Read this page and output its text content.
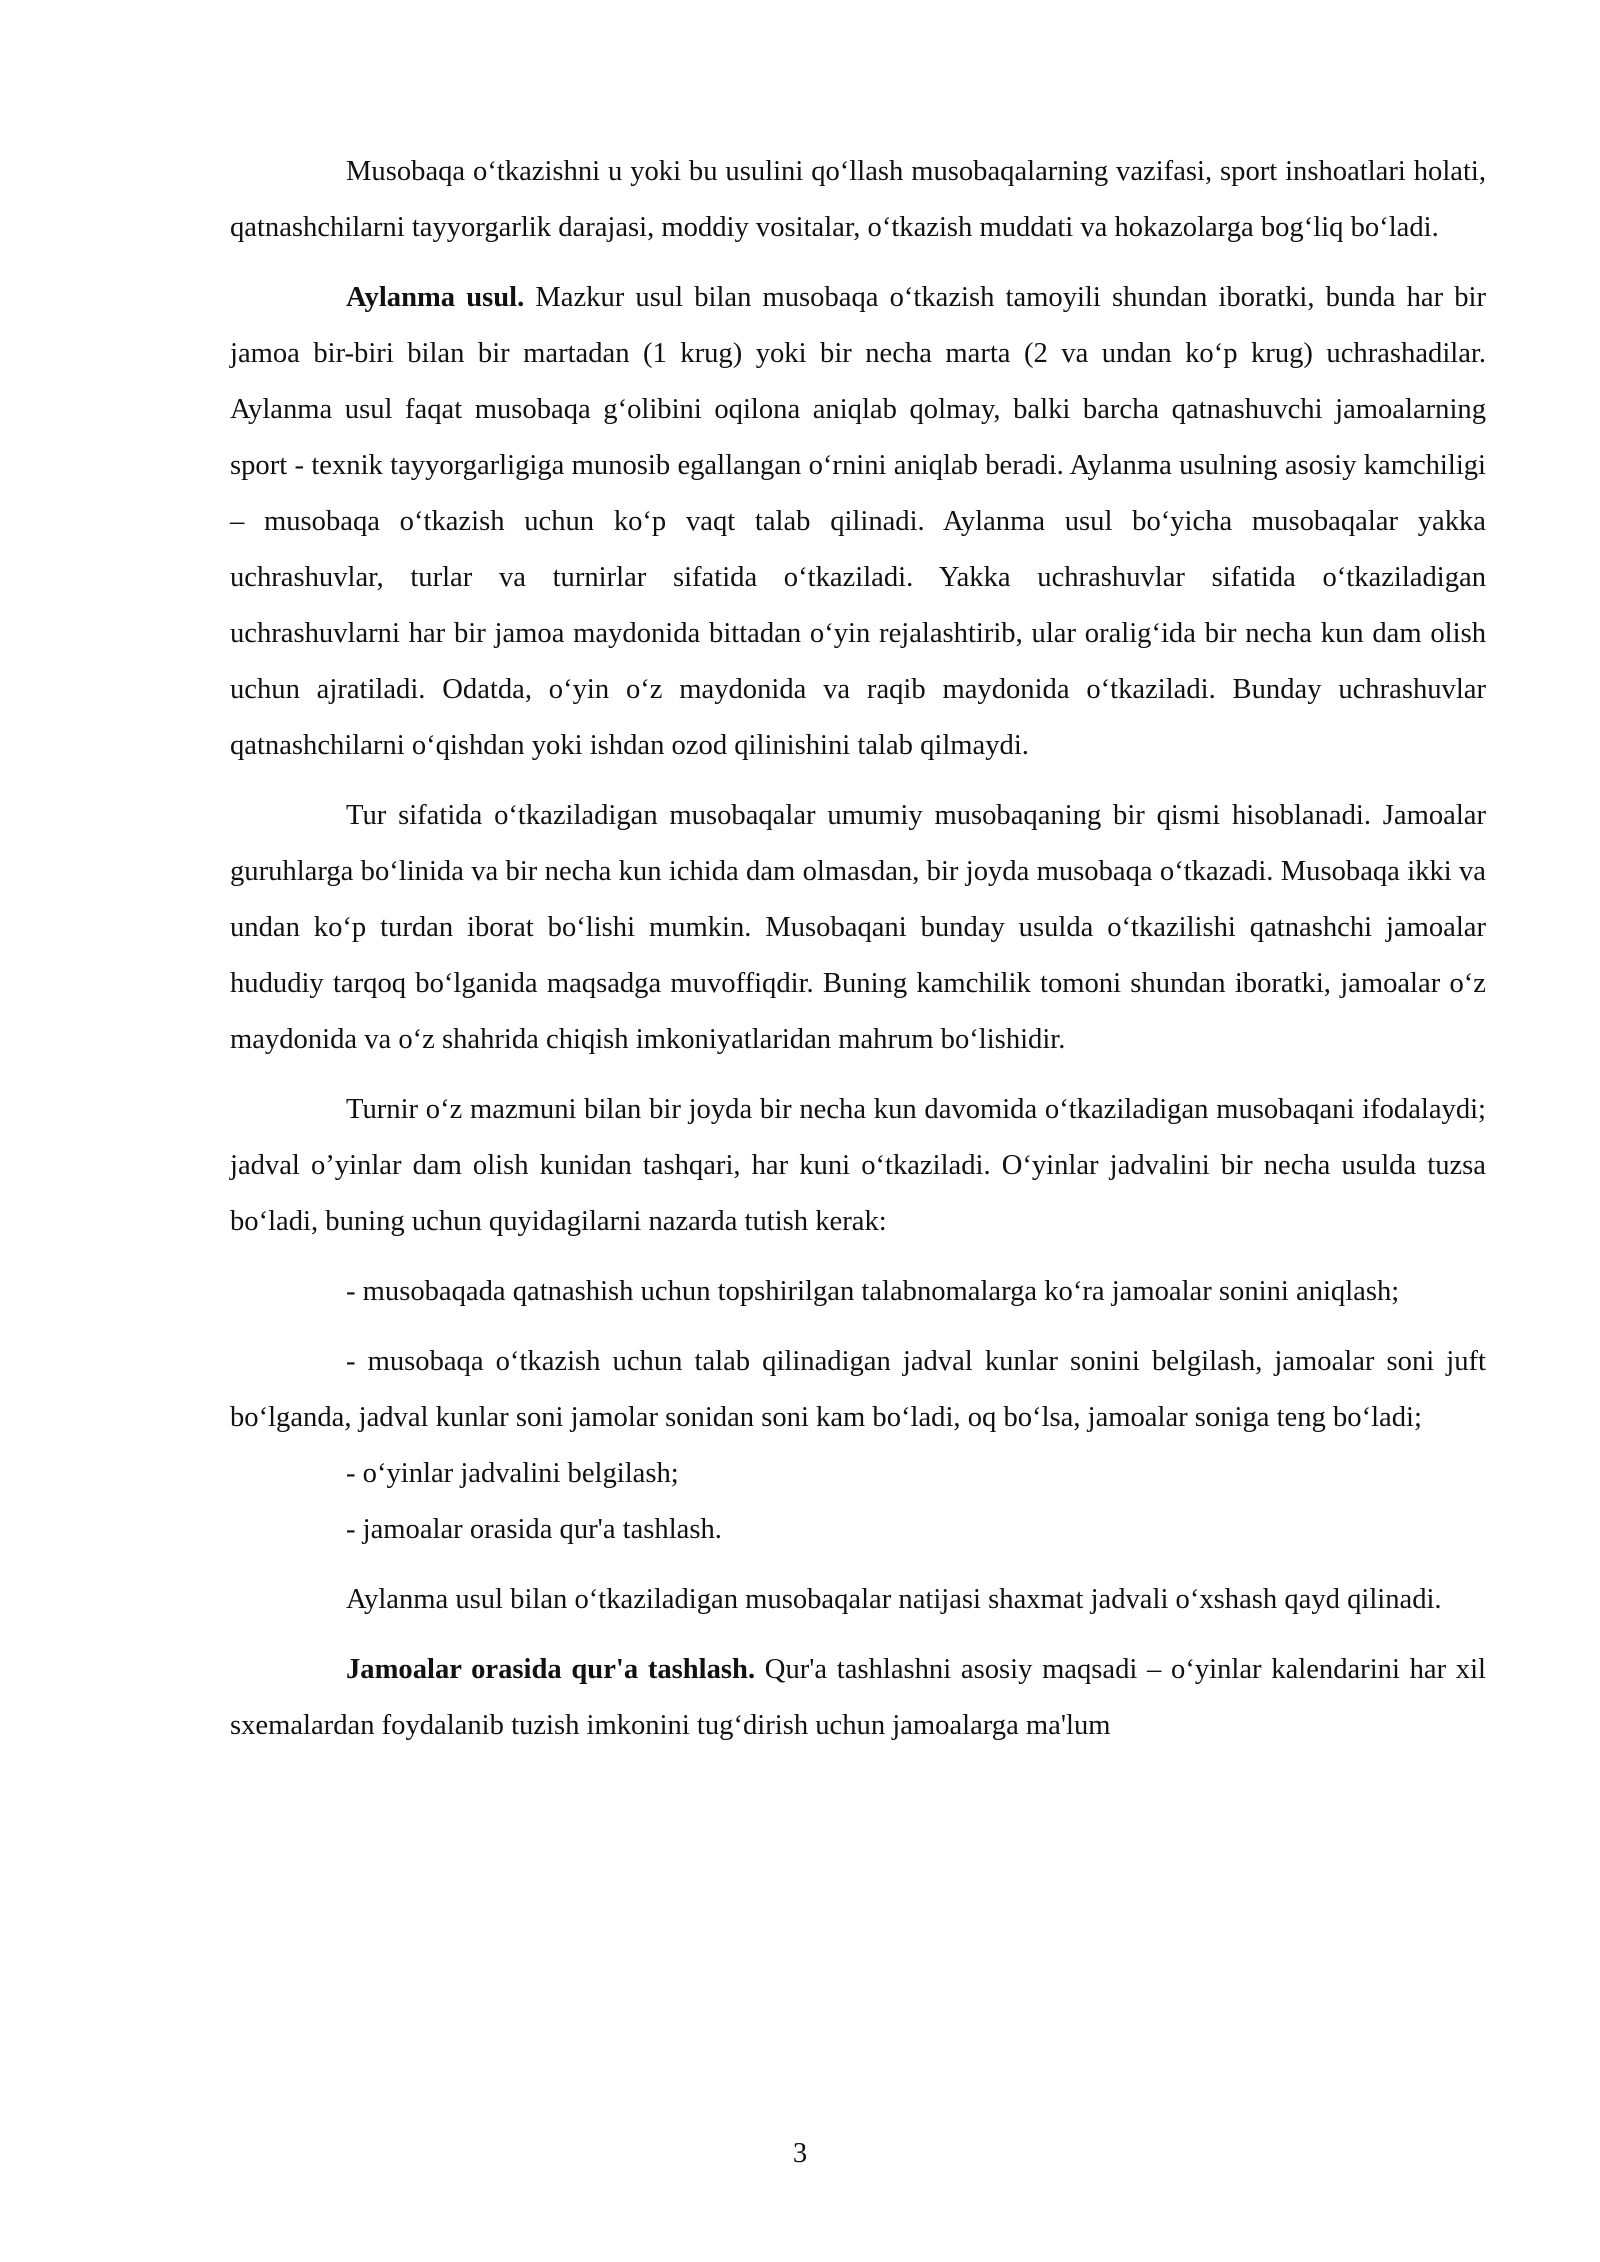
Musobaqa o‘tkazishni u yoki bu usulini qo‘llash musobaqalarning vazifasi, sport inshoatlari holati, qatnashchilarni tayyorgarlik darajasi, moddiy vositalar, o‘tkazish muddati va hokazolarga bog‘liq bo‘ladi.

Aylanma usul. Mazkur usul bilan musobaqa o‘tkazish tamoyili shundan iboratki, bunda har bir jamoa bir-biri bilan bir martadan (1 krug) yoki bir necha marta (2 va undan ko‘p krug) uchrashadilar. Aylanma usul faqat musobaqa g‘olibini oqilona aniqlab qolmay, balki barcha qatnashuvchi jamoalarning sport - texnik tayyorgarligiga munosib egallangan o‘rnini aniqlab beradi. Aylanma usulning asosiy kamchiligi – musobaqa o‘tkazish uchun ko‘p vaqt talab qilinadi. Aylanma usul bo‘yicha musobaqalar yakka uchrashuvlar, turlar va turnirlar sifatida o‘tkaziladi. Yakka uchrashuvlar sifatida o‘tkaziladigan uchrashuvlarni har bir jamoa maydonida bittadan o‘yin rejalashtirib, ular oralig‘ida bir necha kun dam olish uchun ajratiladi. Odatda, o‘yin o‘z maydonida va raqib maydonida o‘tkaziladi. Bunday uchrashuvlar qatnashchilarni o‘qishdan yoki ishdan ozod qilinishini talab qilmaydi.

Tur sifatida o‘tkaziladigan musobaqalar umumiy musobaqaning bir qismi hisoblanadi. Jamoalar guruhlarga bo‘linida va bir necha kun ichida dam olmasdan, bir joyda musobaqa o‘tkazadi. Musobaqa ikki va undan ko‘p turdan iborat bo‘lishi mumkin. Musobaqani bunday usulda o‘tkazilishi qatnashchi jamoalar hududiy tarqoq bo‘lganida maqsadga muvoffiqdir. Buning kamchilik tomoni shundan iboratki, jamoalar o‘z maydonida va o‘z shahrida chiqish imkoniyatlaridan mahrum bo‘lishidir.

Turnir o‘z mazmuni bilan bir joyda bir necha kun davomida o‘tkaziladigan musobaqani ifodalaydi; jadval o’yinlar dam olish kunidan tashqari, har kuni o‘tkaziladi. O‘yinlar jadvalini bir necha usulda tuzsa bo‘ladi, buning uchun quyidagilarni nazarda tutish kerak:

- musobaqada qatnashish uchun topshirilgan talabnomalarga ko‘ra jamoalar sonini aniqlash;

- musobaqa o‘tkazish uchun talab qilinadigan jadval kunlar sonini belgilash, jamoalar soni juft bo‘lganda, jadval kunlar soni jamolar sonidan soni kam bo‘ladi, oq bo‘lsa, jamoalar soniga teng bo‘ladi;

- o‘yinlar jadvalini belgilash;

- jamoalar orasida qur'a tashlash.

Aylanma usul bilan o‘tkaziladigan musobaqalar natijasi shaxmat jadvali o‘xshash qayd qilinadi.

Jamoalar orasida qur'a tashlash. Qur'a tashlashni asosiy maqsadi – o‘yinlar kalendarini har xil sxemalardan foydalanib tuzish imkonini tug‘dirish uchun jamoalarga ma'lum

3
